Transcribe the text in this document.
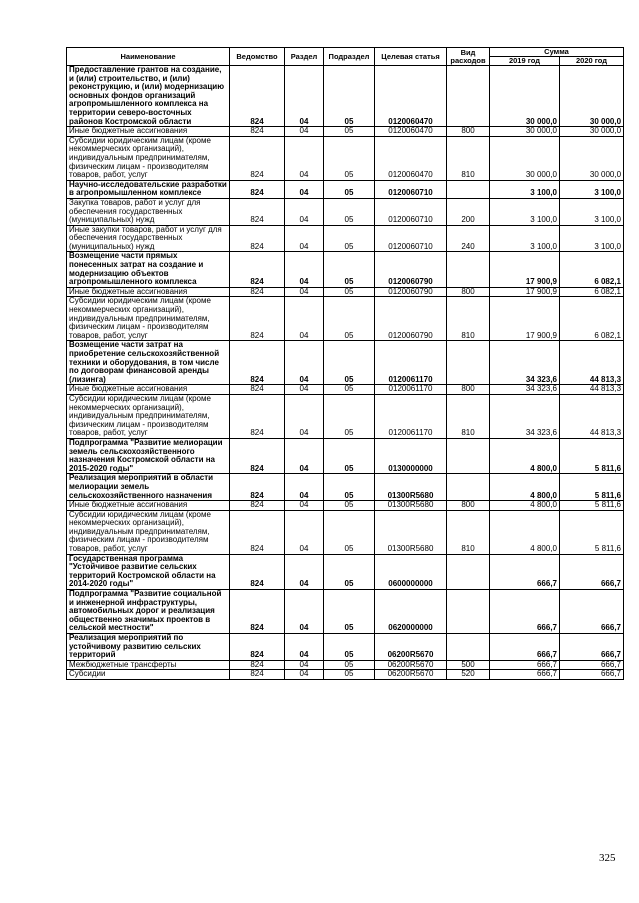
Наименование	Ведомство	Раздел	Подраздел	Целевая статья	Вид расходов	Сумма	
						2019 год	2020 год
Предоставление грантов на создание, и (или) строительство, и (или) реконструкцию, и (или) модернизацию основных фондов организаций агропромышленного комплекса на территории северо-восточных районов Костромской области	824	04	05	0120060470		30 000,0	30 000,0
Иные бюджетные ассигнования	824	04	05	0120060470	800	30 000,0	30 000,0
Субсидии юридическим лицам (кроме некоммерческих организаций), индивидуальным предпринимателям, физическим лицам - производителям товаров, работ, услуг	824	04	05	0120060470	810	30 000,0	30 000,0
Научно-исследовательские разработки в агропромышленном комплексе	824	04	05	0120060710		3 100,0	3 100,0
Закупка товаров, работ и услуг для обеспечения государственных (муниципальных) нужд	824	04	05	0120060710	200	3 100,0	3 100,0
Иные закупки товаров, работ и услуг для обеспечения государственных (муниципальных) нужд	824	04	05	0120060710	240	3 100,0	3 100,0
Возмещение части прямых понесенных затрат на создание и модернизацию объектов агропромышленного комплекса	824	04	05	0120060790		17 900,9	6 082,1
Иные бюджетные ассигнования	824	04	05	0120060790	800	17 900,9	6 082,1
Субсидии юридическим лицам (кроме некоммерческих организаций), индивидуальным предпринимателям, физическим лицам - производителям товаров, работ, услуг	824	04	05	0120060790	810	17 900,9	6 082,1
Возмещение части затрат на приобретение сельскохозяйственной техники и оборудования, в том числе по договорам финансовой аренды (лизинга)	824	04	05	0120061170		34 323,6	44 813,3
Иные бюджетные ассигнования	824	04	05	0120061170	800	34 323,6	44 813,3
Субсидии юридическим лицам (кроме некоммерческих организаций), индивидуальным предпринимателям, физическим лицам - производителям товаров, работ, услуг	824	04	05	0120061170	810	34 323,6	44 813,3
Подпрограмма "Развитие мелиорации земель сельскохозяйственного назначения Костромской области на 2015-2020 годы"	824	04	05	0130000000		4 800,0	5 811,6
Реализация мероприятий в области мелиорации земель сельскохозяйственного назначения	824	04	05	01300R5680		4 800,0	5 811,6
Иные бюджетные ассигнования	824	04	05	01300R5680	800	4 800,0	5 811,6
Субсидии юридическим лицам (кроме некоммерческих организаций), индивидуальным предпринимателям, физическим лицам - производителям товаров, работ, услуг	824	04	05	01300R5680	810	4 800,0	5 811,6
Государственная программа "Устойчивое развитие сельских территорий Костромской области на 2014-2020 годы"	824	04	05	0600000000		666,7	666,7
Подпрограмма "Развитие социальной и инженерной инфраструктуры, автомобильных дорог и реализация общественно значимых проектов в сельской местности"	824	04	05	0620000000		666,7	666,7
Реализация мероприятий по устойчивому развитию сельских территорий	824	04	05	06200R5670		666,7	666,7
Межбюджетные трансферты	824	04	05	06200R5670	500	666,7	666,7
Субсидии	824	04	05	06200R5670	520	666,7	666,7
325
